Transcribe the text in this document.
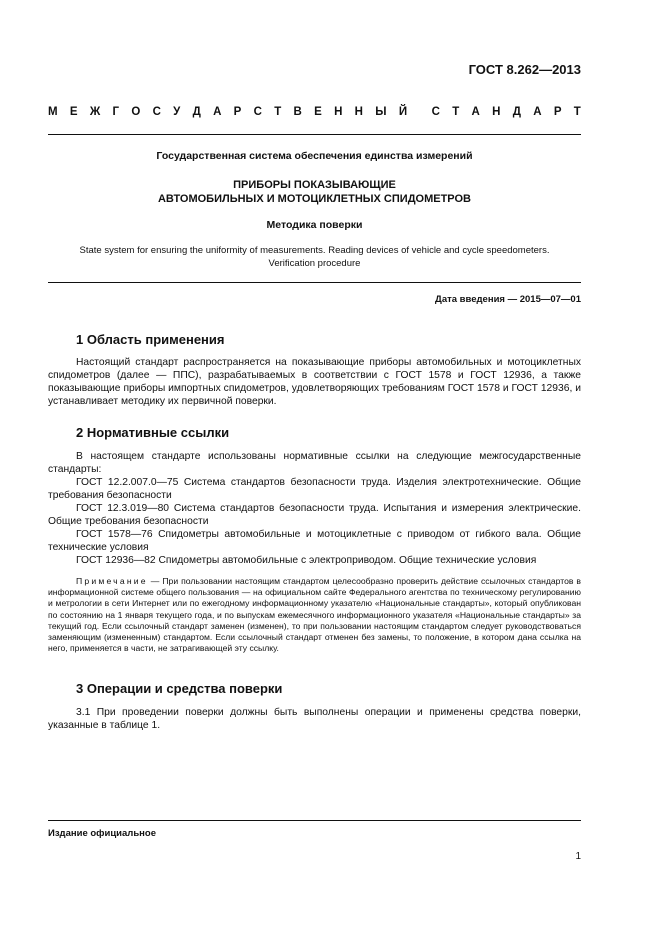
ГОСТ 8.262—2013
М Е Ж Г О С У Д А Р С Т В Е Н Н Ы Й С Т А Н Д А Р Т
Государственная система обеспечения единства измерений
ПРИБОРЫ ПОКАЗЫВАЮЩИЕ
АВТОМОБИЛЬНЫХ И МОТОЦИКЛЕТНЫХ СПИДОМЕТРОВ
Методика поверки
State system for ensuring the uniformity of measurements. Reading devices of vehicle and cycle speedometers.
Verification procedure
Дата введения — 2015—07—01
1 Область применения
Настоящий стандарт распространяется на показывающие приборы автомобильных и мотоциклетных спидометров (далее — ППС), разрабатываемых в соответствии с ГОСТ 1578 и ГОСТ 12936, а также показывающие приборы импортных спидометров, удовлетворяющих требованиям ГОСТ 1578 и ГОСТ 12936, и устанавливает методику их первичной поверки.
2 Нормативные ссылки
В настоящем стандарте использованы нормативные ссылки на следующие межгосударственные стандарты:
ГОСТ 12.2.007.0—75 Система стандартов безопасности труда. Изделия электротехнические. Общие требования безопасности
ГОСТ 12.3.019—80 Система стандартов безопасности труда. Испытания и измерения электрические. Общие требования безопасности
ГОСТ 1578—76 Спидометры автомобильные и мотоциклетные с приводом от гибкого вала. Общие технические условия
ГОСТ 12936—82 Спидометры автомобильные с электроприводом. Общие технические условия
Примечание — При пользовании настоящим стандартом целесообразно проверить действие ссылочных стандартов в информационной системе общего пользования — на официальном сайте Федерального агентства по техническому регулированию и метрологии в сети Интернет или по ежегодному информационному указателю «Национальные стандарты», который опубликован по состоянию на 1 января текущего года, и по выпускам ежемесячного информационного указателя «Национальные стандарты» за текущий год. Если ссылочный стандарт заменен (изменен), то при пользовании настоящим стандартом следует руководствоваться заменяющим (измененным) стандартом. Если ссылочный стандарт отменен без замены, то положение, в котором дана ссылка на него, применяется в части, не затрагивающей эту ссылку.
3 Операции и средства поверки
3.1 При проведении поверки должны быть выполнены операции и применены средства поверки, указанные в таблице 1.
Издание официальное
1
